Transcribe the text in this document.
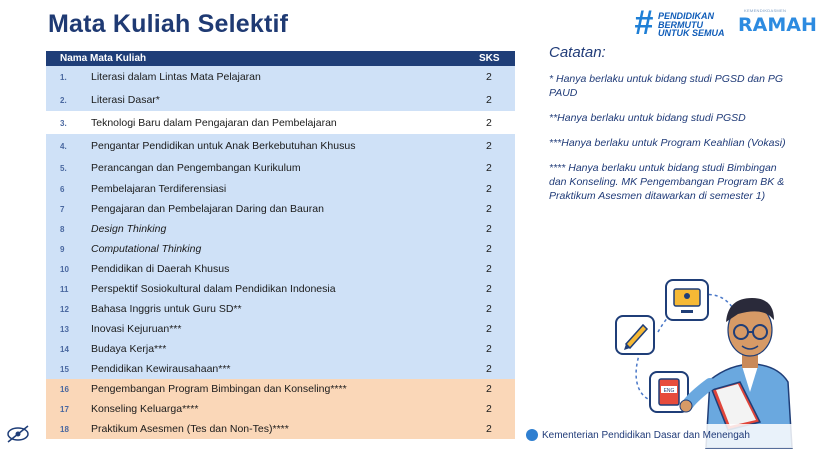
Mata Kuliah Selektif	# PENDIDIKAN BERMUTU UNTUK SEMUA
KEMENDIKDASMEN
RAMAH
Nama Mata Kuliah	SKS
1. Literasi dalam Lintas Mata Pelajaran	2
2. Literasi Dasar*	2
3. Teknologi Baru dalam Pengajaran dan Pembelajaran	2
4. Pengantar Pendidikan untuk Anak Berkebutuhan Khusus	2
5. Perancangan dan Pengembangan Kurikulum	2
6	Pembelajaran Terdiferensiasi	2
7	Pengajaran dan Pembelajaran Daring dan Bauran	2
8	Design Thinking	2
9	Computational Thinking	2
10 Pendidikan di Daerah Khusus	2
11 Perspektif Sosiokultural dalam Pendidikan Indonesia	2
12 Bahasa Inggris untuk Guru SD**	2
13 Inovasi Kejuruan***	2
14 Budaya Kerja***	2
15 Pendidikan Kewirausahaan***	2
16 Pengembangan Program Bimbingan dan Konseling****	2
17 Konseling Keluarga****	2
18 Praktikum Asesmen (Tes dan Non-Tes)****	2
Catatan:

* Hanya berlaku untuk bidang studi PGSD dan PG PAUD

**Hanya berlaku untuk bidang studi PGSD

***Hanya berlaku untuk Program Keahlian (Vokasi)

**** Hanya berlaku untuk bidang studi Bimbingan dan Konseling. MK Pengembangan Program BK & Praktikum Asesmen ditawarkan di semester 1)

ENG
Kementerian Pendidikan Dasar dan Menengah
